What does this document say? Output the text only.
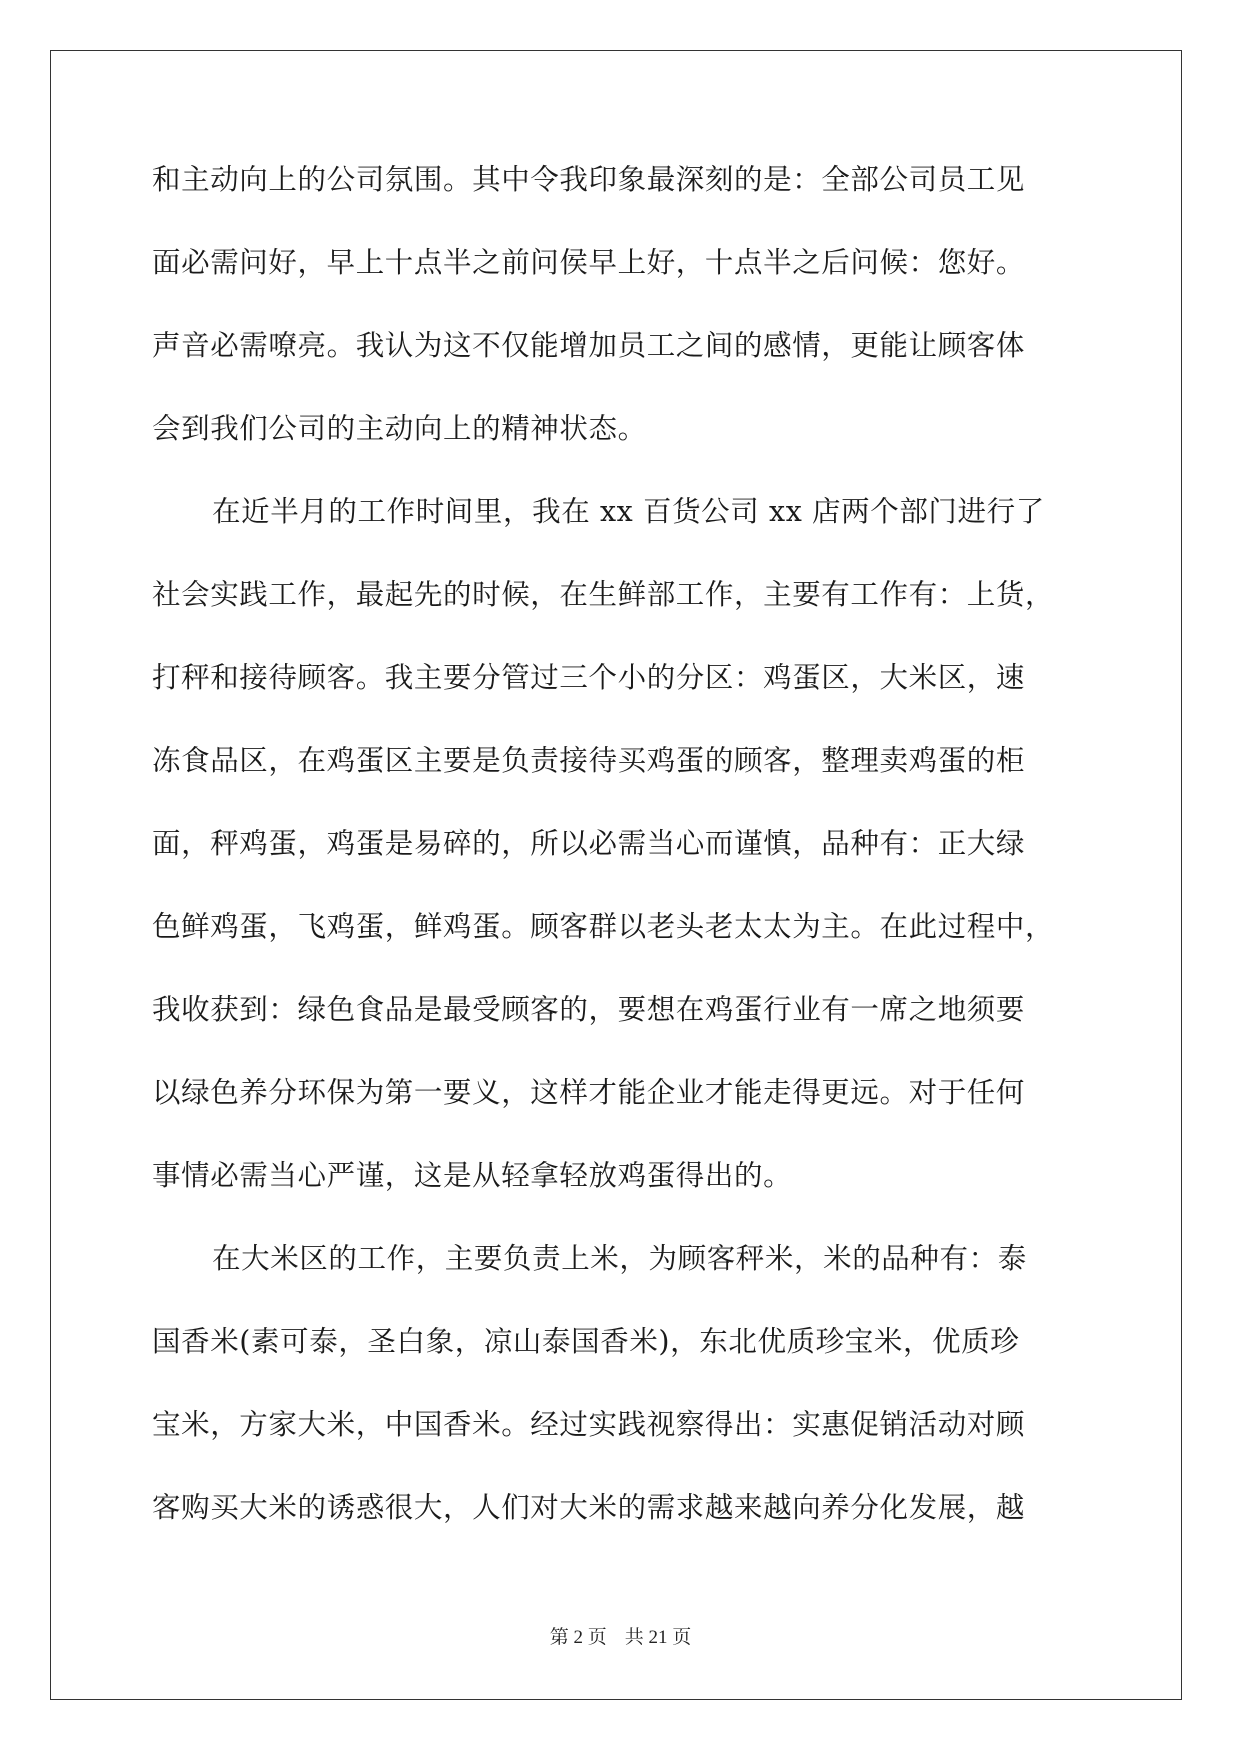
和主动向上的公司氛围。其中令我印象最深刻的是：全部公司员工见
面必需问好，早上十点半之前问侯早上好，十点半之后问候：您好。
声音必需嘹亮。我认为这不仅能增加员工之间的感情，更能让顾客体
会到我们公司的主动向上的精神状态。
在近半月的工作时间里，我在 xx 百货公司 xx 店两个部门进行了
社会实践工作，最起先的时候，在生鲜部工作，主要有工作有：上货，
打秤和接待顾客。我主要分管过三个小的分区：鸡蛋区，大米区，速
冻食品区，在鸡蛋区主要是负责接待买鸡蛋的顾客，整理卖鸡蛋的柜
面，秤鸡蛋，鸡蛋是易碎的，所以必需当心而谨慎，品种有：正大绿
色鲜鸡蛋，飞鸡蛋，鲜鸡蛋。顾客群以老头老太太为主。在此过程中，
我收获到：绿色食品是最受顾客的，要想在鸡蛋行业有一席之地须要
以绿色养分环保为第一要义，这样才能企业才能走得更远。对于任何
事情必需当心严谨，这是从轻拿轻放鸡蛋得出的。
在大米区的工作，主要负责上米，为顾客秤米，米的品种有：泰
国香米(素可泰，圣白象，凉山泰国香米)，东北优质珍宝米，优质珍
宝米，方家大米，中国香米。经过实践视察得出：实惠促销活动对顾
客购买大米的诱惑很大，人们对大米的需求越来越向养分化发展，越
第 2 页 共 21 页
